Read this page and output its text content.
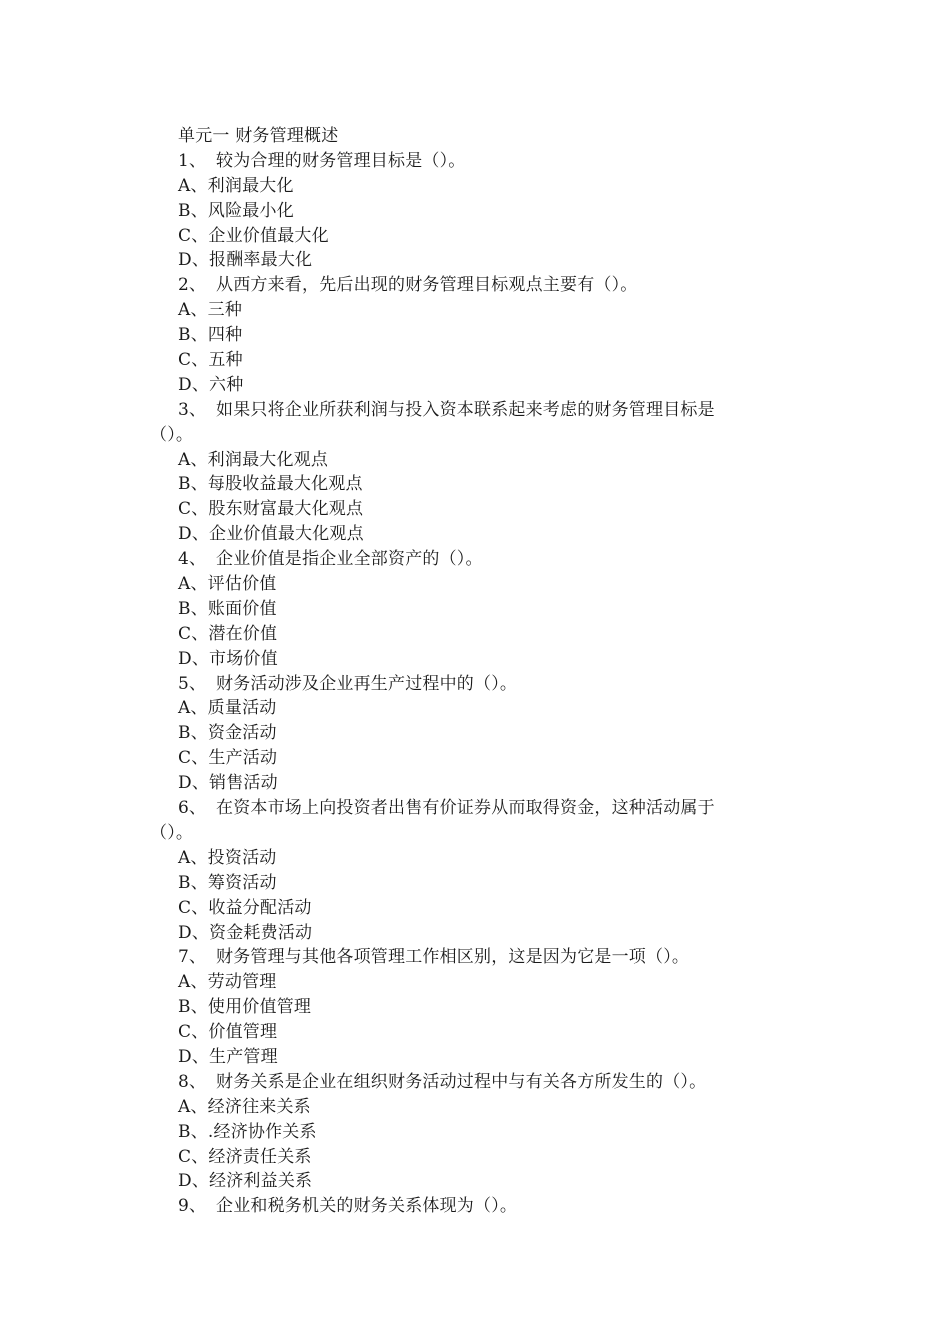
单元一 财务管理概述
1、 较为合理的财务管理目标是（）。
A、利润最大化
B、风险最小化
C、企业价值最大化
D、报酬率最大化
2、 从西方来看，先后出现的财务管理目标观点主要有（）。
A、三种
B、四种
C、五种
D、六种
3、 如果只将企业所获利润与投入资本联系起来考虑的财务管理目标是
（）。
A、利润最大化观点
B、每股收益最大化观点
C、股东财富最大化观点
D、企业价值最大化观点
4、 企业价值是指企业全部资产的（）。
A、评估价值
B、账面价值
C、潜在价值
D、市场价值
5、 财务活动涉及企业再生产过程中的（）。
A、质量活动
B、资金活动
C、生产活动
D、销售活动
6、 在资本市场上向投资者出售有价证券从而取得资金，这种活动属于
（）。
A、投资活动
B、筹资活动
C、收益分配活动
D、资金耗费活动
7、 财务管理与其他各项管理工作相区别，这是因为它是一项（）。
A、劳动管理
B、使用价值管理
C、价值管理
D、生产管理
8、 财务关系是企业在组织财务活动过程中与有关各方所发生的（）。
A、经济往来关系
B、.经济协作关系
C、经济责任关系
D、经济利益关系
9、 企业和税务机关的财务关系体现为（）。
